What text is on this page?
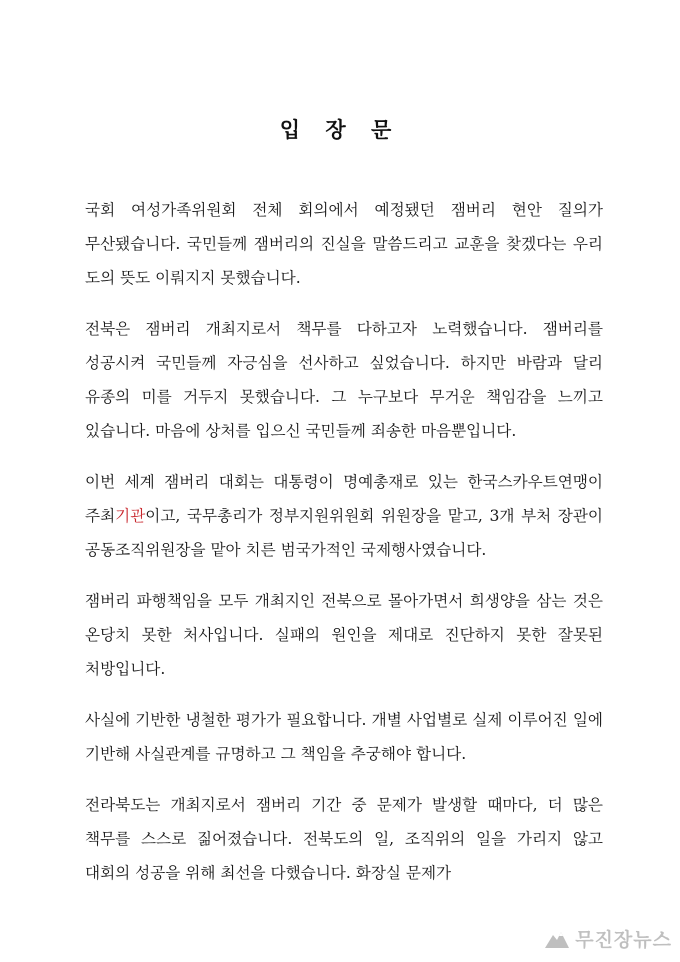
입 장 문

국회 여성가족위원회 전체 회의에서 예정됐던 잼버리 현안 질의가 무산됐습니다. 국민들께 잼버리의 진실을 말씀드리고 교훈을 찾겠다는 우리 도의 뜻도 이뤄지지 못했습니다.

전북은 잼버리 개최지로서 책무를 다하고자 노력했습니다. 잼버리를 성공시켜 국민들께 자긍심을 선사하고 싶었습니다. 하지만 바람과 달리 유종의 미를 거두지 못했습니다. 그 누구보다 무거운 책임감을 느끼고 있습니다. 마음에 상처를 입으신 국민들께 죄송한 마음뿐입니다.

이번 세계 잼버리 대회는 대통령이 명예총재로 있는 한국스카우트연맹이 주최기관이고, 국무총리가 정부지원위원회 위원장을 맡고, 3개 부처 장관이 공동조직위원장을 맡아 치른 범국가적인 국제행사였습니다.

잼버리 파행책임을 모두 개최지인 전북으로 몰아가면서 희생양을 삼는 것은 온당치 못한 처사입니다. 실패의 원인을 제대로 진단하지 못한 잘못된 처방입니다.

사실에 기반한 냉철한 평가가 필요합니다. 개별 사업별로 실제 이루어진 일에 기반해 사실관계를 규명하고 그 책임을 추궁해야 합니다.

전라북도는 개최지로서 잼버리 기간 중 문제가 발생할 때마다, 더 많은 책무를 스스로 짊어졌습니다. 전북도의 일, 조직위의 일을 가리지 않고 대회의 성공을 위해 최선을 다했습니다. 화장실 문제가

무진장뉴스
